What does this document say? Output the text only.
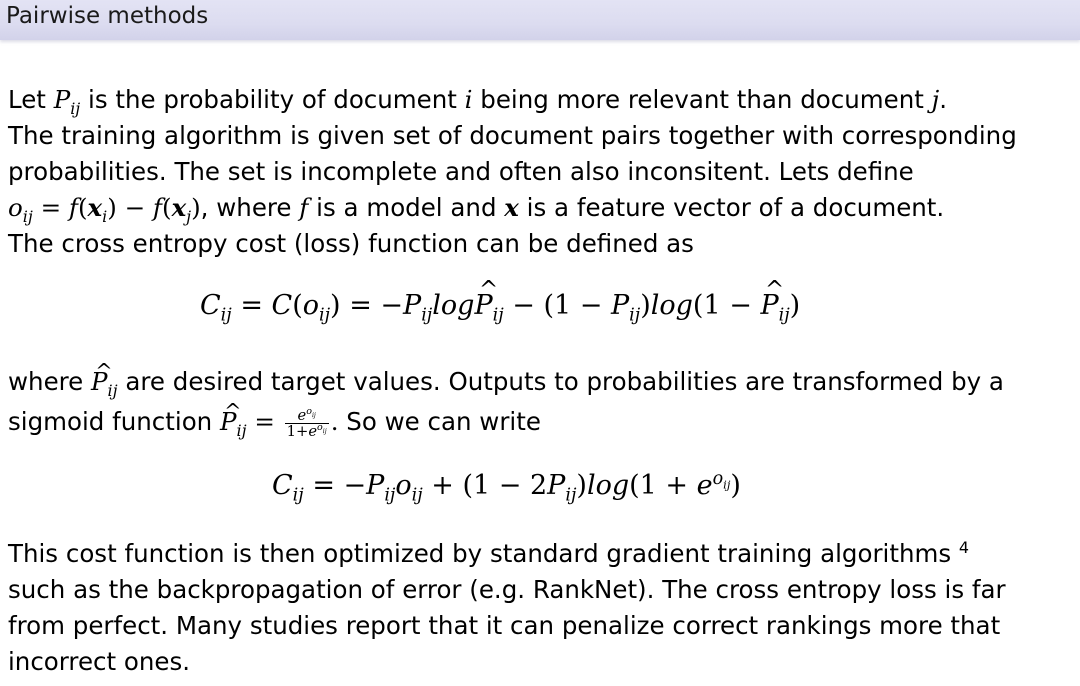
Pairwise methods
Let $P_{ij}$ is the probability of document i being more relevant than document j.
The training algorithm is given set of document pairs together with corresponding
probabilities. The set is incomplete and often also inconsitent. Lets define
$o_{ij} = f(x_i) - f(x_j)$, where f is a model and x is a feature vector of a document.
The cross entropy cost (loss) function can be defined as
$C_{ij} = C(o_{ij})$ = $-P_{ij}\log\^{}$ $P_{ij} - (1 - P_{ij})\log(1$ − ^ $P_{ij}$)
where ^ $P_{ij}$ are desired target values. Outputs to probabilities are transformed by a
sigmoid function ^ $P_{ij} = \frac{e^{o_{ij}}}{1+e^{o_{ij}}}$ . So we can write
$C_{ij} = -P_{ij}o_{ij} + (1 - 2P_{ij})\log(1 + e^{o_{ij}})$
This cost function is then optimized by standard gradient training algorithms $^4$
such as the backpropagation of error (e.g. RankNet). The cross entropy loss is far
from perfect. Many studies report that it can penalize correct rankings more that
incorrect ones.
